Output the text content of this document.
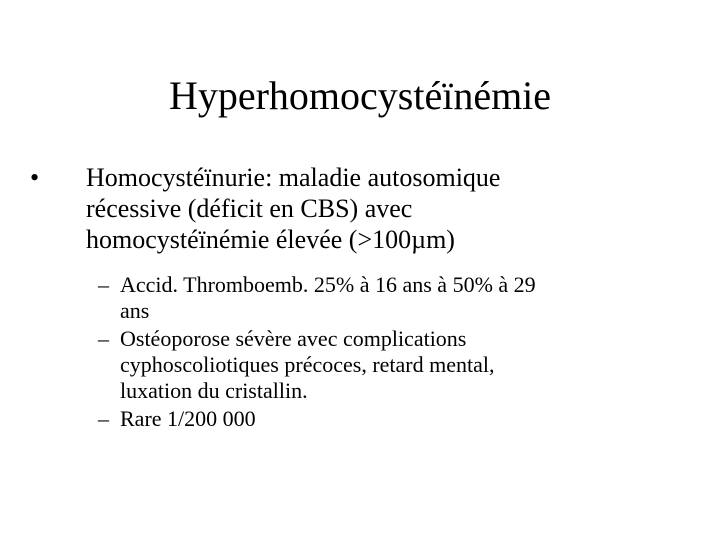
Hyperhomocystéïnémie
•	Homocystéïnurie: maladie autosomique
récessive (déficit en CBS) avec
homocystéïnémie élevée (>100µm)
– Accid. Thromboemb. 25% à 16 ans à 50% à 29
ans
– Ostéoporose sévère avec complications
cyphoscoliotiques précoces, retard mental,
luxation du cristallin.
– Rare 1/200 000
